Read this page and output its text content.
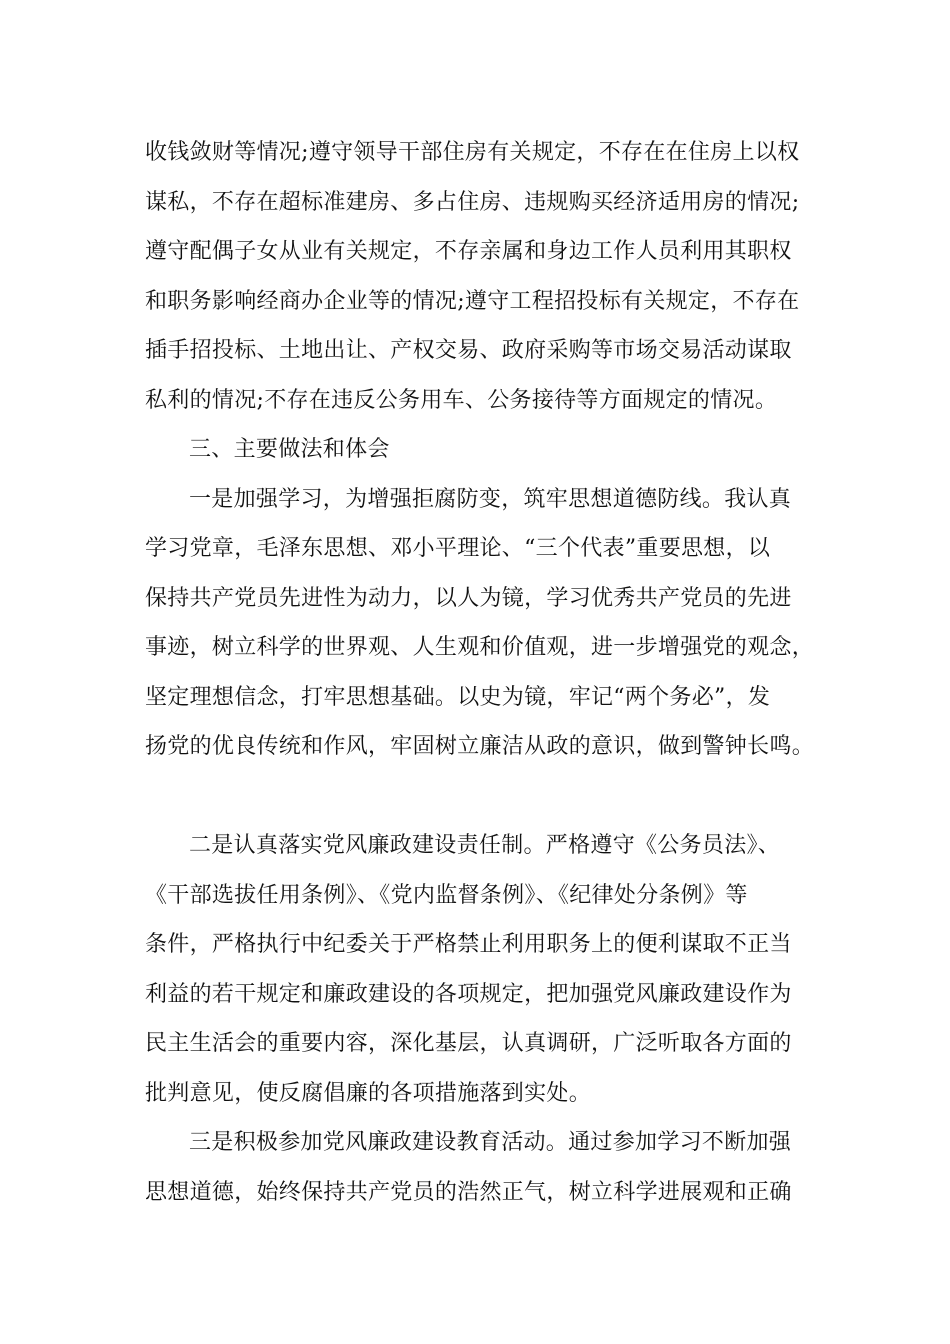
收钱敛财等情况;遵守领导干部住房有关规定，不存在在住房上以权
谋私，不存在超标准建房、多占住房、违规购买经济适用房的情况;
遵守配偶子女从业有关规定，不存亲属和身边工作人员利用其职权
和职务影响经商办企业等的情况;遵守工程招投标有关规定，不存在
插手招投标、土地出让、产权交易、政府采购等市场交易活动谋取
私利的情况;不存在违反公务用车、公务接待等方面规定的情况。
三、主要做法和体会
一是加强学习，为增强拒腐防变，筑牢思想道德防线。我认真
学习党章，毛泽东思想、邓小平理论、“三个代表”重要思想，以
保持共产党员先进性为动力，以人为镜，学习优秀共产党员的先进
事迹，树立科学的世界观、人生观和价值观，进一步增强党的观念，
坚定理想信念，打牢思想基础。以史为镜，牢记“两个务必”，发
扬党的优良传统和作风，牢固树立廉洁从政的意识，做到警钟长鸣。
二是认真落实党风廉政建设责任制。严格遵守《公务员法》、
《干部选拔任用条例》、《党内监督条例》、《纪律处分条例》等
条件，严格执行中纪委关于严格禁止利用职务上的便利谋取不正当
利益的若干规定和廉政建设的各项规定，把加强党风廉政建设作为
民主生活会的重要内容，深化基层，认真调研，广泛听取各方面的
批判意见，使反腐倡廉的各项措施落到实处。
三是积极参加党风廉政建设教育活动。通过参加学习不断加强
思想道德，始终保持共产党员的浩然正气，树立科学进展观和正确
